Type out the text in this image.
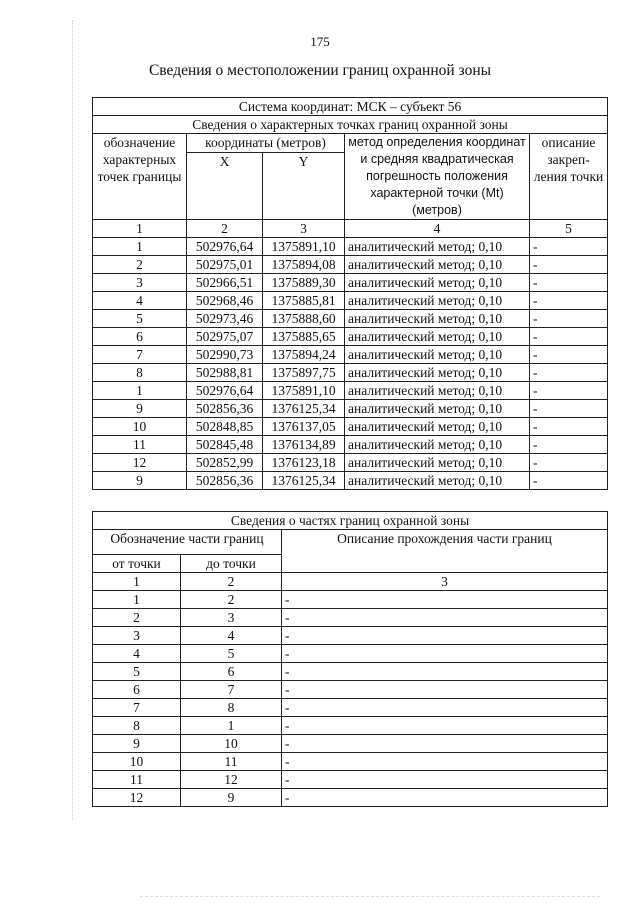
175
Сведения о местоположении границ охранной зоны
Система координат: МСК – субъект 56				
Сведения о характерных точках границ охранной зоны				
обозначение характерных точек границы	координаты (метров)		метод определения координат и средняя квадратическая погрешность положения характерной точки (Mt) (метров)	описание закреп-ления точки
	X	Y		
1	2	3	4	5
1	502976,64	1375891,10	аналитический метод; 0,10	-
2	502975,01	1375894,08	аналитический метод; 0,10	-
3	502966,51	1375889,30	аналитический метод; 0,10	-
4	502968,46	1375885,81	аналитический метод; 0,10	-
5	502973,46	1375888,60	аналитический метод; 0,10	-
6	502975,07	1375885,65	аналитический метод; 0,10	-
7	502990,73	1375894,24	аналитический метод; 0,10	-
8	502988,81	1375897,75	аналитический метод; 0,10	-
1	502976,64	1375891,10	аналитический метод; 0,10	-
9	502856,36	1376125,34	аналитический метод; 0,10	-
10	502848,85	1376137,05	аналитический метод; 0,10	-
11	502845,48	1376134,89	аналитический метод; 0,10	-
12	502852,99	1376123,18	аналитический метод; 0,10	-
9	502856,36	1376125,34	аналитический метод; 0,10	-
Сведения о частях границ охранной зоны		
Обозначение части границ		Описание прохождения части границ
от точки	до точки	
1	2	3
1	2	-
2	3	-
3	4	-
4	5	-
5	6	-
6	7	-
7	8	-
8	1	-
9	10	-
10	11	-
11	12	-
12	9	-
